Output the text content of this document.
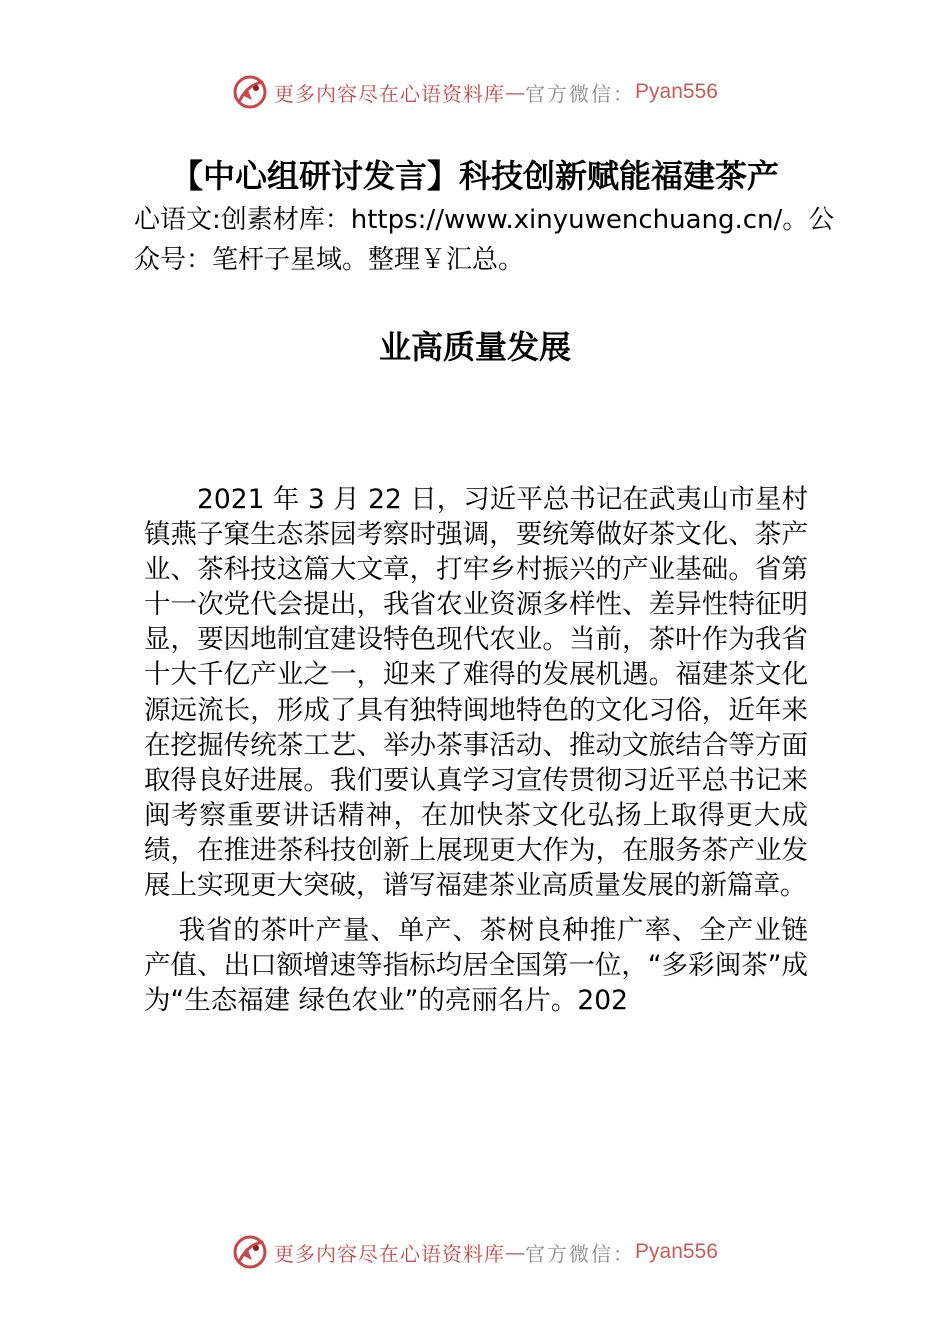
更多内容尽在心语资料库 — 官方微信： Pyan556
【中心组研讨发言】科技创新赋能福建茶产
心语文:创素材库：https://www.xinyuwenchuang.cn/。公众号：笔杆子星域。整理￥汇总。
业高质量发展

2021 年 3 月 22 日，习近平总书记在武夷山市星村镇燕子窠生态茶园考察时强调，要统筹做好茶文化、茶产业、茶科技这篇大文章，打牢乡村振兴的产业基础。省第十一次党代会提出，我省农业资源多样性、差异性特征明显，要因地制宜建设特色现代农业。当前，茶叶作为我省十大千亿产业之一，迎来了难得的发展机遇。福建茶文化源远流长，形成了具有独特闽地特色的文化习俗，近年来在挖掘传统茶工艺、举办茶事活动、推动文旅结合等方面取得良好进展。我们要认真学习宣传贯彻习近平总书记来闽考察重要讲话精神，在加快茶文化弘扬上取得更大成绩，在推进茶科技创新上展现更大作为，在服务茶产业发展上实现更大突破，谱写福建茶业高质量发展的新篇章。

我省的茶叶产量、单产、茶树良种推广率、全产业链产值、出口额增速等指标均居全国第一位，“多彩闽茶”成为“生态福建 绿色农业”的亮丽名片。202

更多内容尽在心语资料库 — 官方微信： Pyan556
